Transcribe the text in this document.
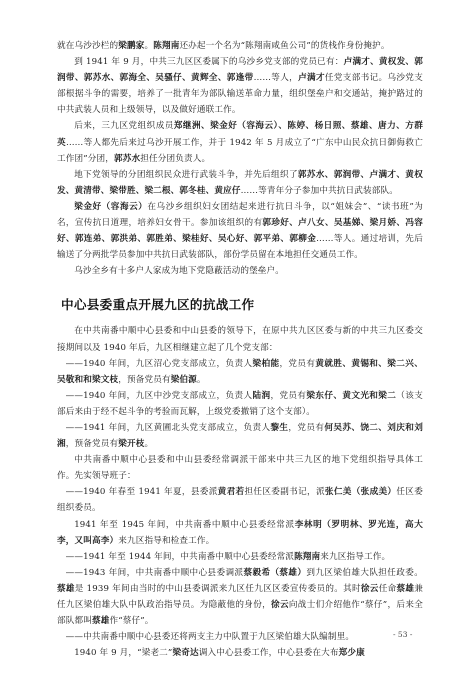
就在乌沙沙栏的梁鹏家。陈翔南还办起一个名为“陈翔南咸鱼公司”的货栈作身份掩护。

到 1941 年 9 月，中共三九区区委属下的乌沙乡党支部的党员已有：卢满才、黄权发、郭润带、郭苏水、郭海全、吴骚仔、黄辉全、郭逢带……等人，卢满才任党支部书记。乌沙党支部根据斗争的需要，培养了一批青年为部队输送革命力量，组织堡垒户和交通站，掩护路过的中共武装人员和上级领导，以及做好通联工作。

后来，三九区党组织成员郑继洲、梁金好（容海云）、陈婷、杨日照、蔡雄、唐力、方群英……等人都先后来过乌沙开展工作，并于 1942 年 5 月成立了“广东中山民众抗日御侮救亡工作团”分团，郭苏水担任分团负责人。

地下党领导的分团组织民众进行武装斗争，并先后组织了郭苏水、郭润带、卢满才、黄权发、黄清带、梁带胜、梁二根、郭冬桂、黄应仔……等青年分子参加中共抗日武装部队。

梁金好（容海云）在乌沙乡组织妇女团结起来进行抗日斗争，以“姐妹会”、“读书班”为名，宣传抗日道理，培养妇女骨干。参加该组织的有郭珍好、卢八女、吴基娣、梁月娇、冯容好、郭连弟、郭洪弟、郭胜弟、梁桂好、吴心好、郭平弟、郭柳金……等人。通过培训，先后输送了分两批学员参加中共抗日武装部队，部份学员留在本地担任交通员工作。

乌沙全乡有十多户人家成为地下党隐蔽活动的堡垒户。

中心县委重点开展九区的抗战工作

在中共南番中顺中心县委和中山县委的领导下，在原中共九区区委与新的中共三九区委交接期间以及 1940 年后，九区相继建立起了几个党支部：

——1940 年间，九区沼心党支部成立，负责人梁柏能，党员有黄就胜、黄锡和、梁二兴、吴敬和和梁文枝，预备党员有梁伯源。

——1940 年间，九区中沙党支部成立，负责人陆润，党员有梁东仔、黄文光和梁二（该支部后来由于经不起斗争的考验而瓦解，上级党委撤销了这个支部）。

——1941 年间，九区黄圃北头党支部成立，负责人黎生，党员有何吴苏、饶二、刘庆和刘湘，预备党员有梁开枝。

中共南番中顺中心县委和中山县委经常调派干部来中共三九区的地下党组织指导具体工作。先实领导班子：

——1940 年春至 1941 年夏，县委派黄君若担任区委副书记，派张仁美（张成美）任区委组织委员。

1941 年至 1945 年间，中共南番中顺中心县委经常派李林明（罗明林、罗光连，高大李，又叫高李）来九区指导和检查工作。

——1941 年至 1944 年间，中共南番中顺中心县委经常派陈翔南来九区指导工作。

——1943 年间，中共南番中顺中心县委调派蔡毅希（蔡雄）到九区梁伯雄大队担任政委。蔡雄是 1939 年间由当时的中山县委调派来九区任九区区委宣传委员的。其时徐云任命蔡雄兼任九区梁伯雄大队中队政治指导员。为隐蔽他的身份，徐云向战士们介绍他作“蔡仔”，后来全部队都叫蔡雄作“蔡仔”。

——中共南番中顺中心县委还将两支主力中队置于九区梁伯雄大队编制里。

1940 年 9 月，“梁老二”梁奇达调入中心县委工作，中心县委在大布郑少康

- 53 -
